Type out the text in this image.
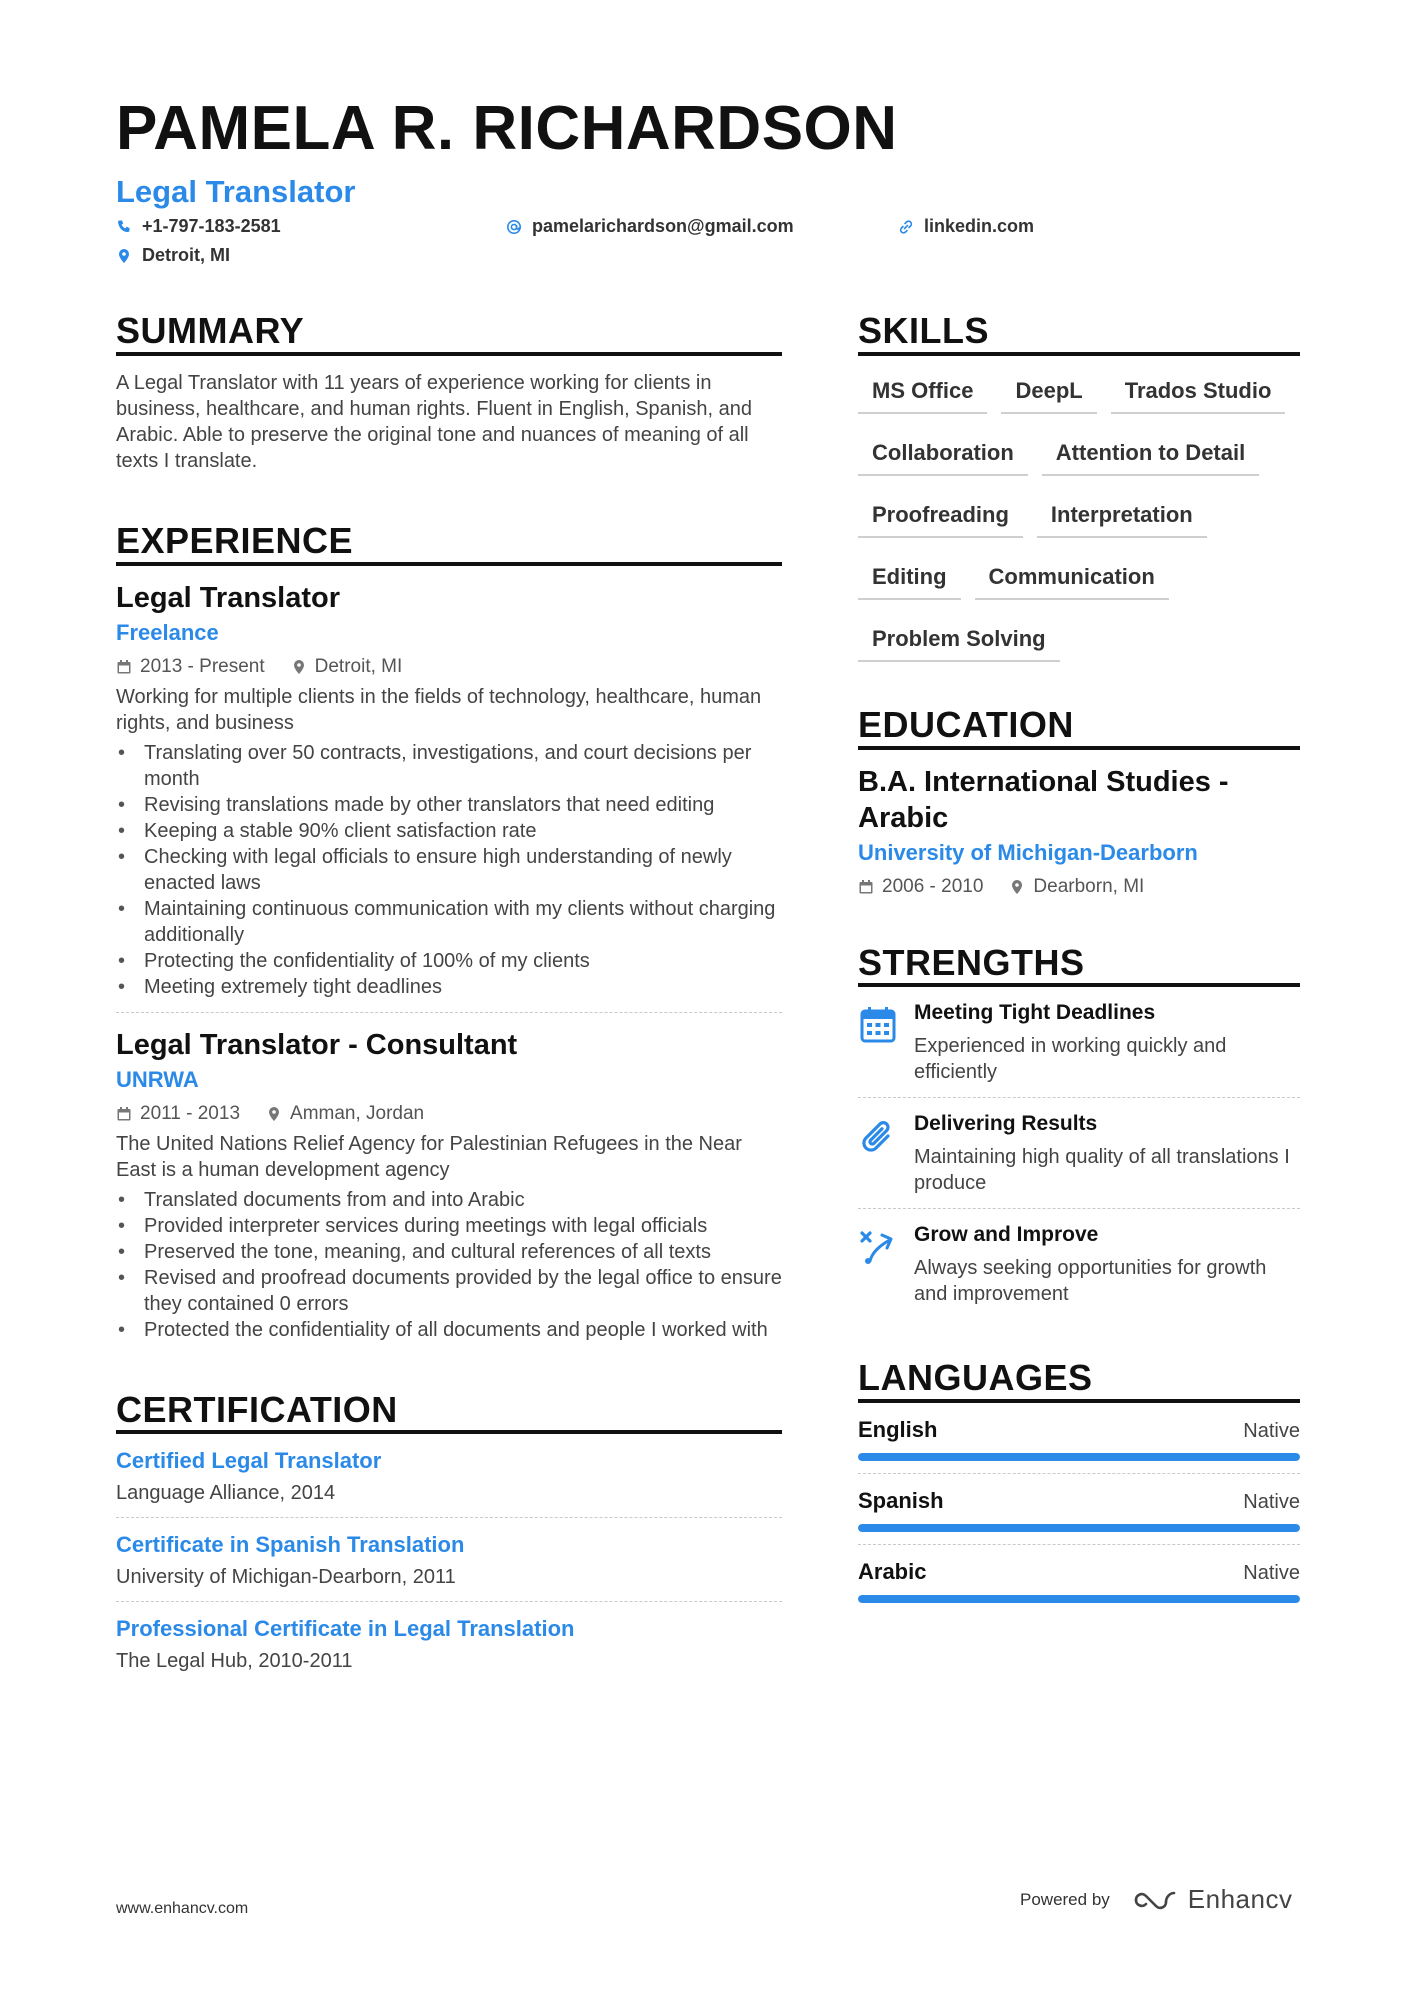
PAMELA R. RICHARDSON
Legal Translator
+1-797-183-2581	pamelarichardson@gmail.com	linkedin.com
Detroit, MI
SUMMARY

A Legal Translator with 11 years of experience working for clients in business, healthcare, and human rights. Fluent in English, Spanish, and Arabic. Able to preserve the original tone and nuances of meaning of all texts I translate.

EXPERIENCE
Legal Translator
Freelance
2013 - Present	Detroit, MI
Working for multiple clients in the fields of technology, healthcare, human rights, and business
• Translating over 50 contracts, investigations, and court decisions per month
• Revising translations made by other translators that need editing
• Keeping a stable 90% client satisfaction rate
• Checking with legal officials to ensure high understanding of newly enacted laws
• Maintaining continuous communication with my clients without charging additionally
• Protecting the confidentiality of 100% of my clients
• Meeting extremely tight deadlines
Legal Translator - Consultant
UNRWA
2011 - 2013	Amman, Jordan
The United Nations Relief Agency for Palestinian Refugees in the Near East is a human development agency
• Translated documents from and into Arabic
• Provided interpreter services during meetings with legal officials
• Preserved the tone, meaning, and cultural references of all texts
• Revised and proofread documents provided by the legal office to ensure they contained 0 errors
• Protected the confidentiality of all documents and people I worked with
CERTIFICATION
Certified Legal Translator
Language Alliance, 2014
Certificate in Spanish Translation
University of Michigan-Dearborn, 2011
Professional Certificate in Legal Translation
The Legal Hub, 2010-2011
SKILLS
MS Office	DeepL	Trados Studio
Collaboration	Attention to Detail
Proofreading	Interpretation
Editing	Communication
Problem Solving
EDUCATION
B.A. International Studies - Arabic
University of Michigan-Dearborn
2006 - 2010	Dearborn, MI
STRENGTHS
Meeting Tight Deadlines
Experienced in working quickly and efficiently
Delivering Results
Maintaining high quality of all translations I produce
Grow and Improve
Always seeking opportunities for growth and improvement
LANGUAGES
English	Native
Spanish	Native
Arabic	Native
www.enhancv.com	Powered by	Enhancv
